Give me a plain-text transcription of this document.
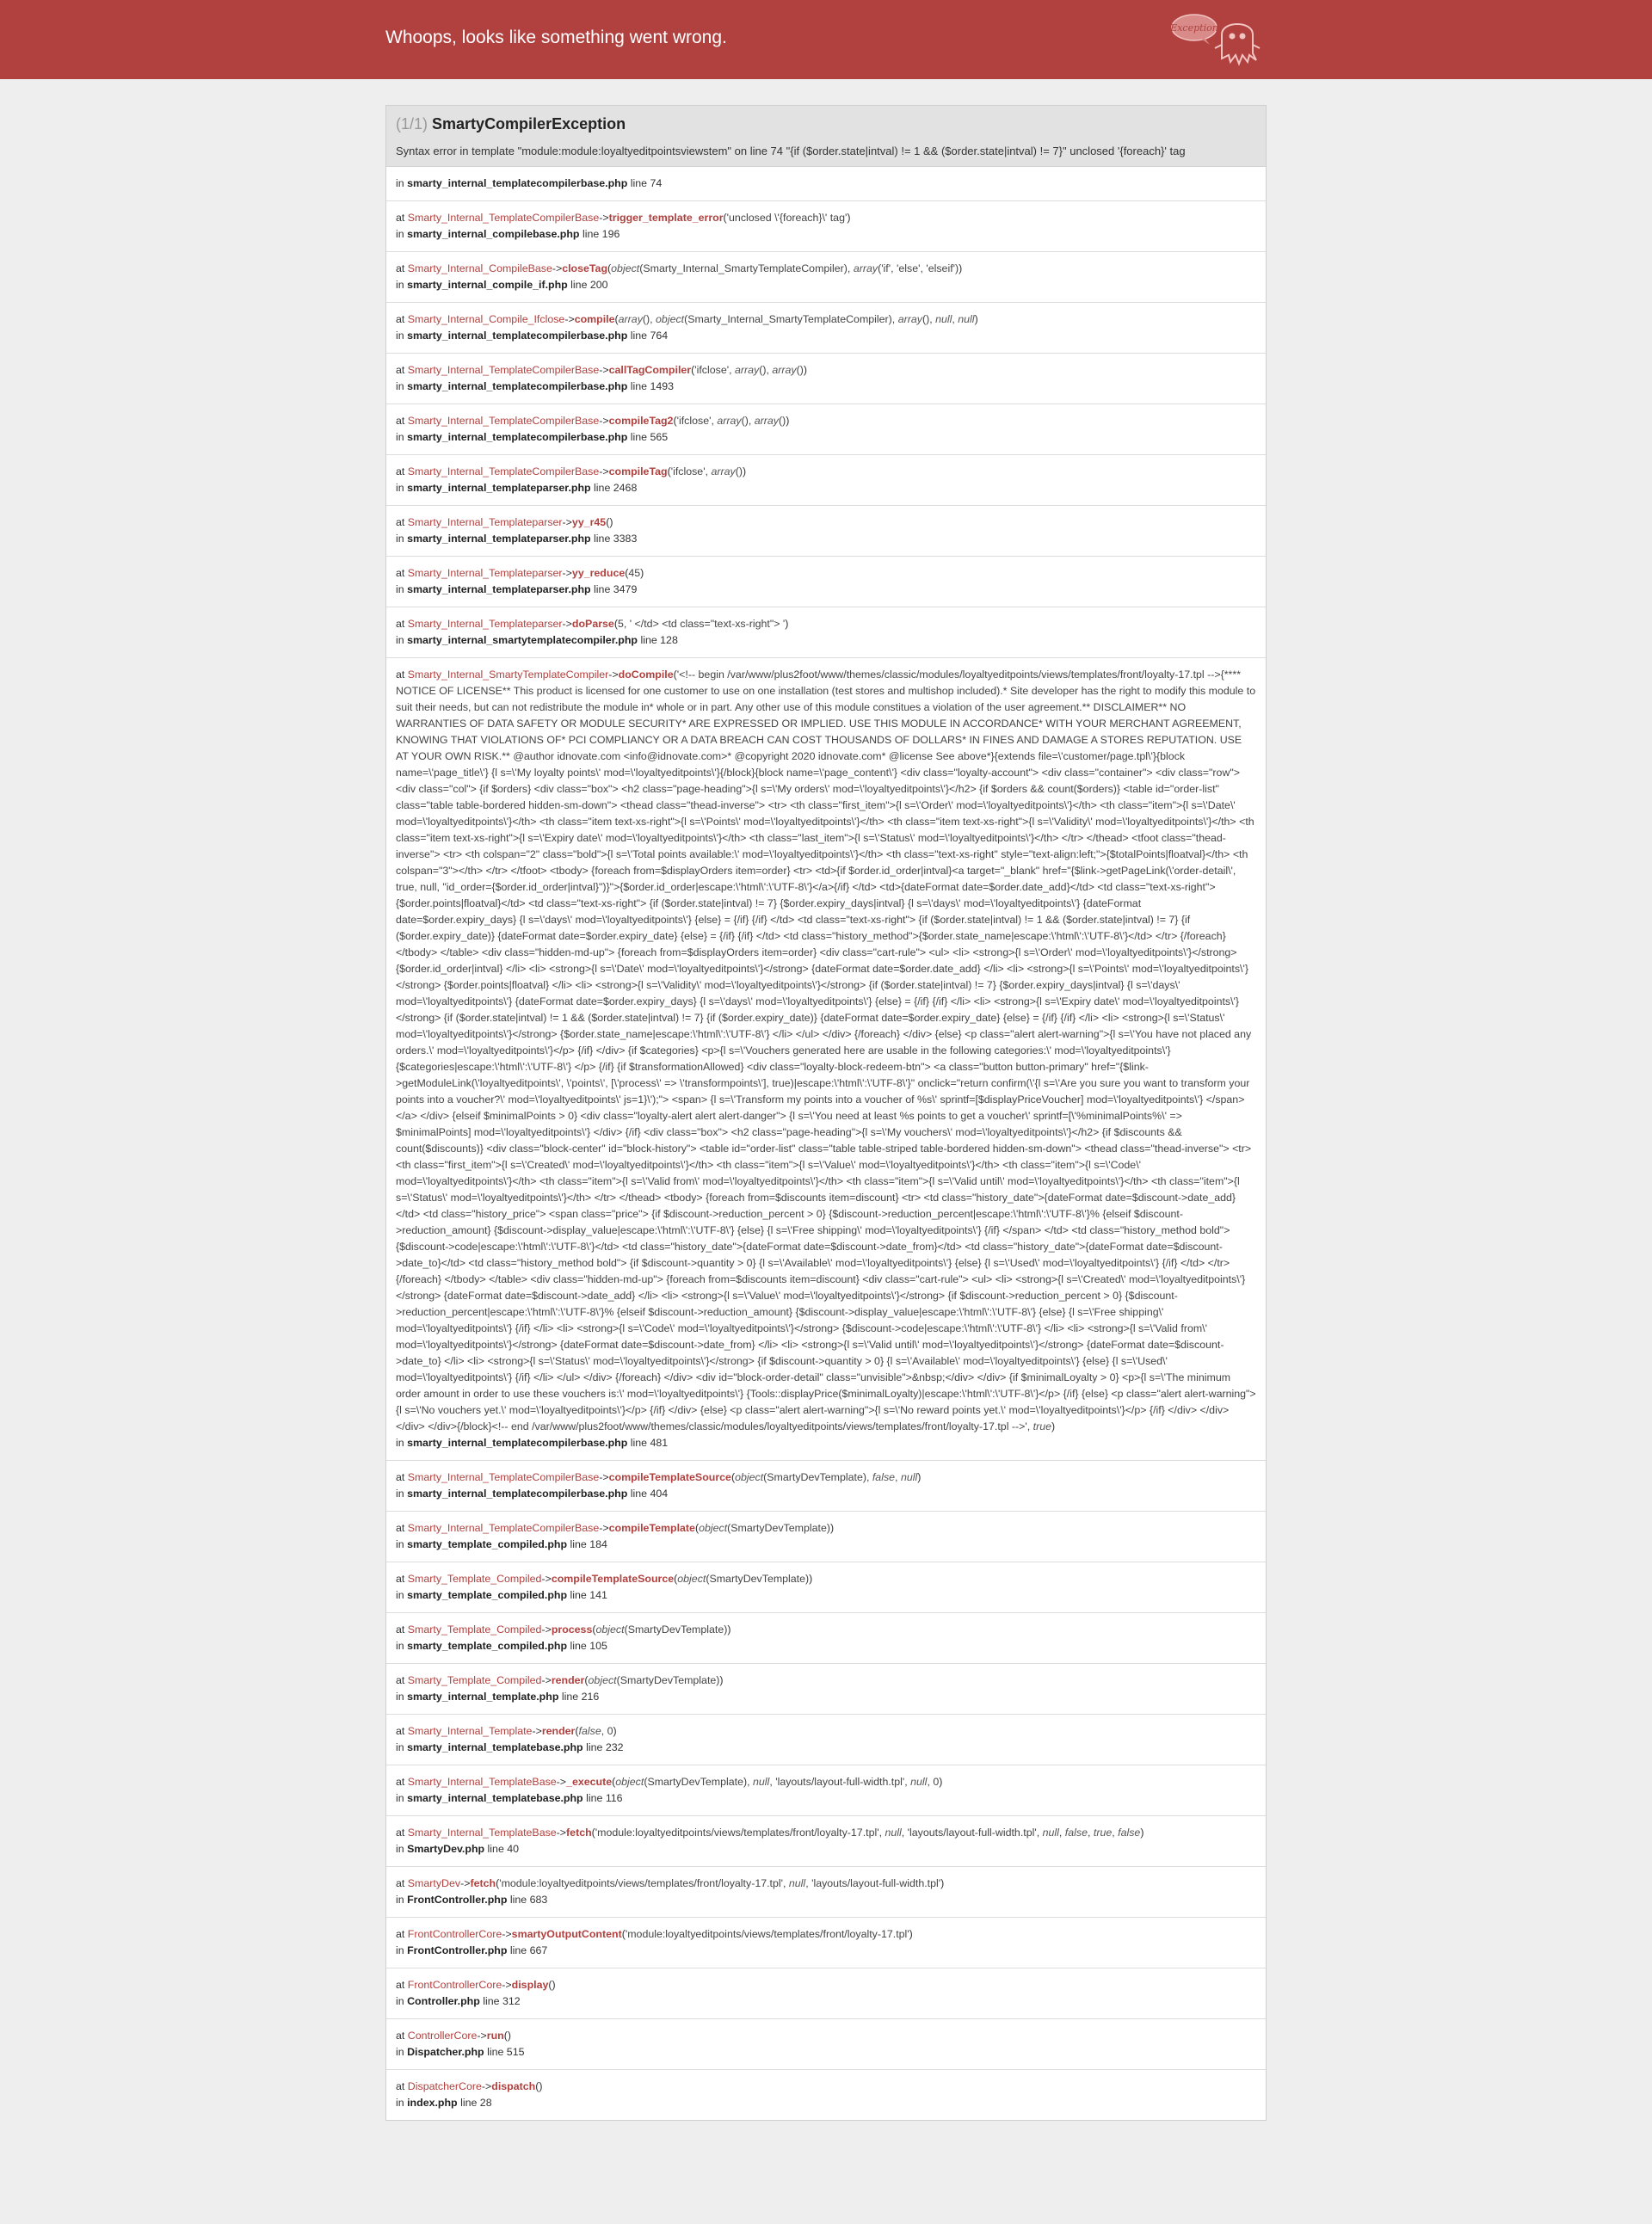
Whoops, looks like something went wrong.	Exception
(1/1) SmartyCompilerException

Syntax error in template "module:module:loyaltyeditpointsviewstem" on line 74 "{if ($order.state|intval) != 1 && ($order.state|intval) != 7}" unclosed '{foreach}' tag

in smarty_internal_templatecompilerbase.php line 74

at Smarty_Internal_TemplateCompilerBase->trigger_template_error('unclosed \'{foreach}\' tag')

in smarty_internal_compilebase.php line 196

at Smarty_Internal_CompileBase->closeTag(object(Smarty_Internal_SmartyTemplateCompiler), array('if', 'else', 'elseif'))

in smarty_internal_compile_if.php line 200

at Smarty_Internal_Compile_Ifclose->compile(array(), object(Smarty_Internal_SmartyTemplateCompiler), array(), null, null)

in smarty_internal_templatecompilerbase.php line 764

at Smarty_Internal_TemplateCompilerBase->callTagCompiler('ifclose', array(), array())

in smarty_internal_templatecompilerbase.php line 1493

at Smarty_Internal_TemplateCompilerBase->compileTag2('ifclose', array(), array())

in smarty_internal_templatecompilerbase.php line 565

at Smarty_Internal_TemplateCompilerBase->compileTag('ifclose', array())

in smarty_internal_templateparser.php line 2468

at Smarty_Internal_Templateparser->yy_r45()

in smarty_internal_templateparser.php line 3383

at Smarty_Internal_Templateparser->yy_reduce(45)

in smarty_internal_templateparser.php line 3479

at Smarty_Internal_Templateparser->doParse(5, ' </td> <td class="text-xs-right"> ')

in smarty_internal_smartytemplatecompiler.php line 128

at Smarty_Internal_SmartyTemplateCompiler->doCompile('<!-- begin /var/www/plus2foot/www/themes/classic/modules/loyaltyeditpoints/views/templates/front/loyalty-17.tpl -->{**** NOTICE OF LICENSE** This product is licensed for one customer to use on one installation (test stores and multishop included).* Site developer has the right to modify this module to suit their needs, but can not redistribute the module in* whole or in part. Any other use of this module constitues a violation of the user agreement.** DISCLAIMER** NO WARRANTIES OF DATA SAFETY OR MODULE SECURITY* ARE EXPRESSED OR IMPLIED. USE THIS MODULE IN ACCORDANCE* WITH YOUR MERCHANT AGREEMENT, KNOWING THAT VIOLATIONS OF* PCI COMPLIANCY OR A DATA BREACH CAN COST THOUSANDS OF DOLLARS* IN FINES AND DAMAGE A STORES REPUTATION. USE AT YOUR OWN RISK.** @author idnovate.com <info@idnovate.com>* @copyright 2020 idnovate.com* @license See above*}{extends file=\'customer/page.tpl\'}{block name=\'page_title\'} {l s=\'My loyalty points\' mod=\'loyaltyeditpoints\'}{/block}{block name=\'page_content\'} <div class="loyalty-account"> <div class="container"> <div class="row"> <div class="col"> {if $orders} <div class="box"> <h2 class="page-heading">{l s=\'My orders\' mod=\'loyaltyeditpoints\'}</h2> {if $orders && count($orders)} <table id="order-list" class="table table-bordered hidden-sm-down"> <thead class="thead-inverse"> <tr> <th class="first_item">{l s=\'Order\' mod=\'loyaltyeditpoints\'}</th> <th class="item">{l s=\'Date\' mod=\'loyaltyeditpoints\'}</th> <th class="item text-xs-right">{l s=\'Points\' mod=\'loyaltyeditpoints\'}</th> <th class="item text-xs-right">{l s=\'Validity\' mod=\'loyaltyeditpoints\'}</th> <th class="item text-xs-right">{l s=\'Expiry date\' mod=\'loyaltyeditpoints\'}</th> <th class="last_item">{l s=\'Status\' mod=\'loyaltyeditpoints\'}</th> </tr> </thead> <tfoot class="thead-inverse"> <tr> <th colspan="2" class="bold">{l s=\'Total points available:\' mod=\'loyaltyeditpoints\'}</th> <th class="text-xs-right" style="text-align:left;">{$totalPoints|floatval}</th> <th colspan="3"></th> </tr> </tfoot> <tbody> {foreach from=$displayOrders item=order} <tr> <td>{if $order.id_order|intval}<a target="_blank" href="{$link->getPageLink(\'order-detail\', true, null, "id_order={$order.id_order|intval}")}">{$order.id_order|escape:\'html\':\'UTF-8\'}</a>{/if} </td> <td>{dateFormat date=$order.date_add}</td> <td class="text-xs-right">{$order.points|floatval}</td> <td class="text-xs-right"> {if ($order.state|intval) != 7} {$order.expiry_days|intval} {l s=\'days\' mod=\'loyaltyeditpoints\'} {dateFormat date=$order.expiry_days} {l s=\'days\' mod=\'loyaltyeditpoints\'} {else} = {/if} {/if} </td> <td class="text-xs-right"> {if ($order.state|intval) != 1 && ($order.state|intval) != 7} {if ($order.expiry_date)} {dateFormat date=$order.expiry_date} {else} = {/if} {/if} </td> <td class="history_method">{$order.state_name|escape:\'html\':\'UTF-8\'}</td> </tr> {/foreach} </tbody> </table> <div class="hidden-md-up"> {foreach from=$displayOrders item=order} <div class="cart-rule"> <ul> <li> <strong>{l s=\'Order\' mod=\'loyaltyeditpoints\'}</strong> {$order.id_order|intval} </li> <li> <strong>{l s=\'Date\' mod=\'loyaltyeditpoints\'}</strong> {dateFormat date=$order.date_add} </li> <li> <strong>{l s=\'Points\' mod=\'loyaltyeditpoints\'}</strong> {$order.points|floatval} </li> <li> <strong>{l s=\'Validity\' mod=\'loyaltyeditpoints\'}</strong> {if ($order.state|intval) != 7} {$order.expiry_days|intval} {l s=\'days\' mod=\'loyaltyeditpoints\'} {dateFormat date=$order.expiry_days} {l s=\'days\' mod=\'loyaltyeditpoints\'} {else} = {/if} {/if} </li> <li> <strong>{l s=\'Expiry date\' mod=\'loyaltyeditpoints\'}</strong> {if ($order.state|intval) != 1 && ($order.state|intval) != 7} {if ($order.expiry_date)} {dateFormat date=$order.expiry_date} {else} = {/if} {/if} </li> <li> <strong>{l s=\'Status\' mod=\'loyaltyeditpoints\'}</strong> {$order.state_name|escape:\'html\':\'UTF-8\'} </li> </ul> </div> {/foreach} </div> {else} <p class="alert alert-warning">{l s=\'You have not placed any orders.\' mod=\'loyaltyeditpoints\'}</p> {/if} </div> {if $categories} <p>{l s=\'Vouchers generated here are usable in the following categories:\' mod=\'loyaltyeditpoints\'} {$categories|escape:\'html\':\'UTF-8\'} </p> {/if} {if $transformationAllowed} <div class="loyalty-block-redeem-btn"> <a class="button button-primary" href="{$link->getModuleLink(\'loyaltyeditpoints\', \'points\', [\'process\' => \'transformpoints\'], true)|escape:\'html\':\'UTF-8\'}" onclick="return confirm(\'{l s=\'Are you sure you want to transform your points into a voucher?\' mod=\'loyaltyeditpoints\' js=1}\');"> <span> {l s=\'Transform my points into a voucher of %s\' sprintf=[$displayPriceVoucher] mod=\'loyaltyeditpoints\'} </span> </a> </div> {elseif $minimalPoints > 0} <div class="loyalty-alert alert alert-danger"> {l s=\'You need at least %s points to get a voucher\' sprintf=[\'%minimalPoints%\' => $minimalPoints] mod=\'loyaltyeditpoints\'} </div> {/if} <div class="box"> <h2 class="page-heading">{l s=\'My vouchers\' mod=\'loyaltyeditpoints\'}</h2> {if $discounts && count($discounts)} <div class="block-center" id="block-history"> <table id="order-list" class="table table-striped table-bordered hidden-sm-down"> <thead class="thead-inverse"> <tr> <th class="first_item">{l s=\'Created\' mod=\'loyaltyeditpoints\'}</th> <th class="item">{l s=\'Value\' mod=\'loyaltyeditpoints\'}</th> <th class="item">{l s=\'Code\' mod=\'loyaltyeditpoints\'}</th> <th class="item">{l s=\'Valid from\' mod=\'loyaltyeditpoints\'}</th> <th class="item">{l s=\'Valid until\' mod=\'loyaltyeditpoints\'}</th> <th class="item">{l s=\'Status\' mod=\'loyaltyeditpoints\'}</th> </tr> </thead> <tbody> {foreach from=$discounts item=discount} <tr> <td class="history_date">{dateFormat date=$discount->date_add}</td> <td class="history_price"> <span class="price"> {if $discount->reduction_percent > 0} {$discount->reduction_percent|escape:\'html\':\'UTF-8\'}% {elseif $discount->reduction_amount} {$discount->display_value|escape:\'html\':\'UTF-8\'} {else} {l s=\'Free shipping\' mod=\'loyaltyeditpoints\'} {/if} </span> </td> <td class="history_method bold">{$discount->code|escape:\'html\':\'UTF-8\'}</td> <td class="history_date">{dateFormat date=$discount->date_from}</td> <td class="history_date">{dateFormat date=$discount->date_to}</td> <td class="history_method bold"> {if $discount->quantity > 0} {l s=\'Available\' mod=\'loyaltyeditpoints\'} {else} {l s=\'Used\' mod=\'loyaltyeditpoints\'} {/if} </td> </tr> {/foreach} </tbody> </table> <div class="hidden-md-up"> {foreach from=$discounts item=discount} <div class="cart-rule"> <ul> <li> <strong>{l s=\'Created\' mod=\'loyaltyeditpoints\'}</strong> {dateFormat date=$discount->date_add} </li> <li> <strong>{l s=\'Value\' mod=\'loyaltyeditpoints\'}</strong> {if $discount->reduction_percent > 0} {$discount->reduction_percent|escape:\'html\':\'UTF-8\'}% {elseif $discount->reduction_amount} {$discount->display_value|escape:\'html\':\'UTF-8\'} {else} {l s=\'Free shipping\' mod=\'loyaltyeditpoints\'} {/if} </li> <li> <strong>{l s=\'Code\' mod=\'loyaltyeditpoints\'}</strong> {$discount->code|escape:\'html\':\'UTF-8\'} </li> <li> <strong>{l s=\'Valid from\' mod=\'loyaltyeditpoints\'}</strong> {dateFormat date=$discount->date_from} </li> <li> <strong>{l s=\'Valid until\' mod=\'loyaltyeditpoints\'}</strong> {dateFormat date=$discount->date_to} </li> <li> <strong>{l s=\'Status\' mod=\'loyaltyeditpoints\'}</strong> {if $discount->quantity > 0} {l s=\'Available\' mod=\'loyaltyeditpoints\'} {else} {l s=\'Used\' mod=\'loyaltyeditpoints\'} {/if} </li> </ul> </div> {/foreach} </div> <div id="block-order-detail" class="unvisible">&nbsp;</div> </div> {if $minimalLoyalty > 0} <p>{l s=\'The minimum order amount in order to use these vouchers is:\' mod=\'loyaltyeditpoints\'} {Tools::displayPrice($minimalLoyalty)|escape:\'html\':\'UTF-8\'}</p> {/if} {else} <p class="alert alert-warning">{l s=\'No vouchers yet.\' mod=\'loyaltyeditpoints\'}</p> {/if} </div> {else} <p class="alert alert-warning">{l s=\'No reward points yet.\' mod=\'loyaltyeditpoints\'}</p> {/if} </div> </div> </div> </div>{/block}<!-- end /var/www/plus2foot/www/themes/classic/modules/loyaltyeditpoints/views/templates/front/loyalty-17.tpl -->', true)

in smarty_internal_templatecompilerbase.php line 481

at Smarty_Internal_TemplateCompilerBase->compileTemplateSource(object(SmartyDevTemplate), false, null)

in smarty_internal_templatecompilerbase.php line 404

at Smarty_Internal_TemplateCompilerBase->compileTemplate(object(SmartyDevTemplate))

in smarty_template_compiled.php line 184

at Smarty_Template_Compiled->compileTemplateSource(object(SmartyDevTemplate))

in smarty_template_compiled.php line 141

at Smarty_Template_Compiled->process(object(SmartyDevTemplate))

in smarty_template_compiled.php line 105

at Smarty_Template_Compiled->render(object(SmartyDevTemplate))

in smarty_internal_template.php line 216

at Smarty_Internal_Template->render(false, 0)

in smarty_internal_templatebase.php line 232

at Smarty_Internal_TemplateBase->_execute(object(SmartyDevTemplate), null, 'layouts/layout-full-width.tpl', null, 0)

in smarty_internal_templatebase.php line 116

at Smarty_Internal_TemplateBase->fetch('module:loyaltyeditpoints/views/templates/front/loyalty-17.tpl', null, 'layouts/layout-full-width.tpl', null, false, true, false)

in SmartyDev.php line 40

at SmartyDev->fetch('module:loyaltyeditpoints/views/templates/front/loyalty-17.tpl', null, 'layouts/layout-full-width.tpl')

in FrontController.php line 683

at FrontControllerCore->smartyOutputContent('module:loyaltyeditpoints/views/templates/front/loyalty-17.tpl')

in FrontController.php line 667

at FrontControllerCore->display()

in Controller.php line 312

at ControllerCore->run()

in Dispatcher.php line 515

at DispatcherCore->dispatch()

in index.php line 28
